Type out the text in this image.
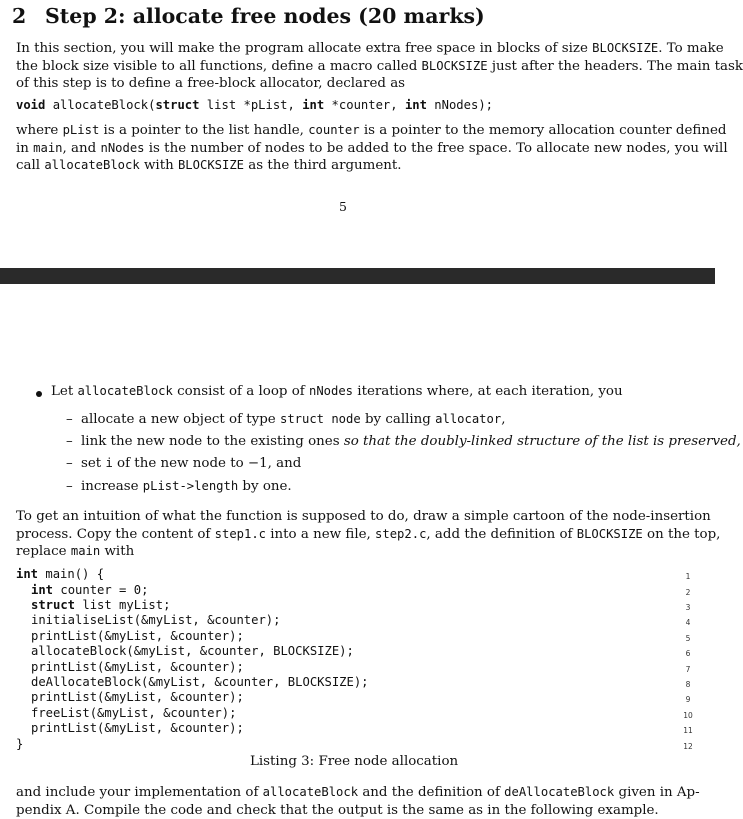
2 Step 2: allocate free nodes (20 marks)
In this section, you will make the program allocate extra free space in blocks of size BLOCKSIZE. To make
the block size visible to all functions, define a macro called BLOCKSIZE just after the headers. The main task
of this step is to define a free-block allocator, declared as
void allocateBlock(struct list *pList, int *counter, int nNodes);
where pList is a pointer to the list handle, counter is a pointer to the memory allocation counter defined
in main, and nNodes is the number of nodes to be added to the free space. To allocate new nodes, you will
call allocateBlock with BLOCKSIZE as the third argument.
5
Let allocateBlock consist of a loop of nNodes iterations where, at each iteration, you
– allocate a new object of type struct node by calling allocator,
– link the new node to the existing ones so that the doubly-linked structure of the list is preserved,
– set i of the new node to −1, and
– increase pList->length by one.
To get an intuition of what the function is supposed to do, draw a simple cartoon of the node-insertion
process. Copy the content of step1.c into a new file, step2.c, add the definition of BLOCKSIZE on the top,
replace main with
int main() {
int counter = 0;
struct list myList;
initialiseList(&myList, &counter);
printList(&myList, &counter);
allocateBlock(&myList, &counter, BLOCKSIZE);
printList(&myList, &counter);
deAllocateBlock(&myList, &counter, BLOCKSIZE);
printList(&myList, &counter);
freeList(&myList, &counter);
printList(&myList, &counter);
}
1
2
3
4
5
6
7
8
9
10
11
12
Listing 3: Free node allocation
and include your implementation of allocateBlock and the definition of deAllocateBlock given in Ap-
pendix A. Compile the code and check that the output is the same as in the following example.
